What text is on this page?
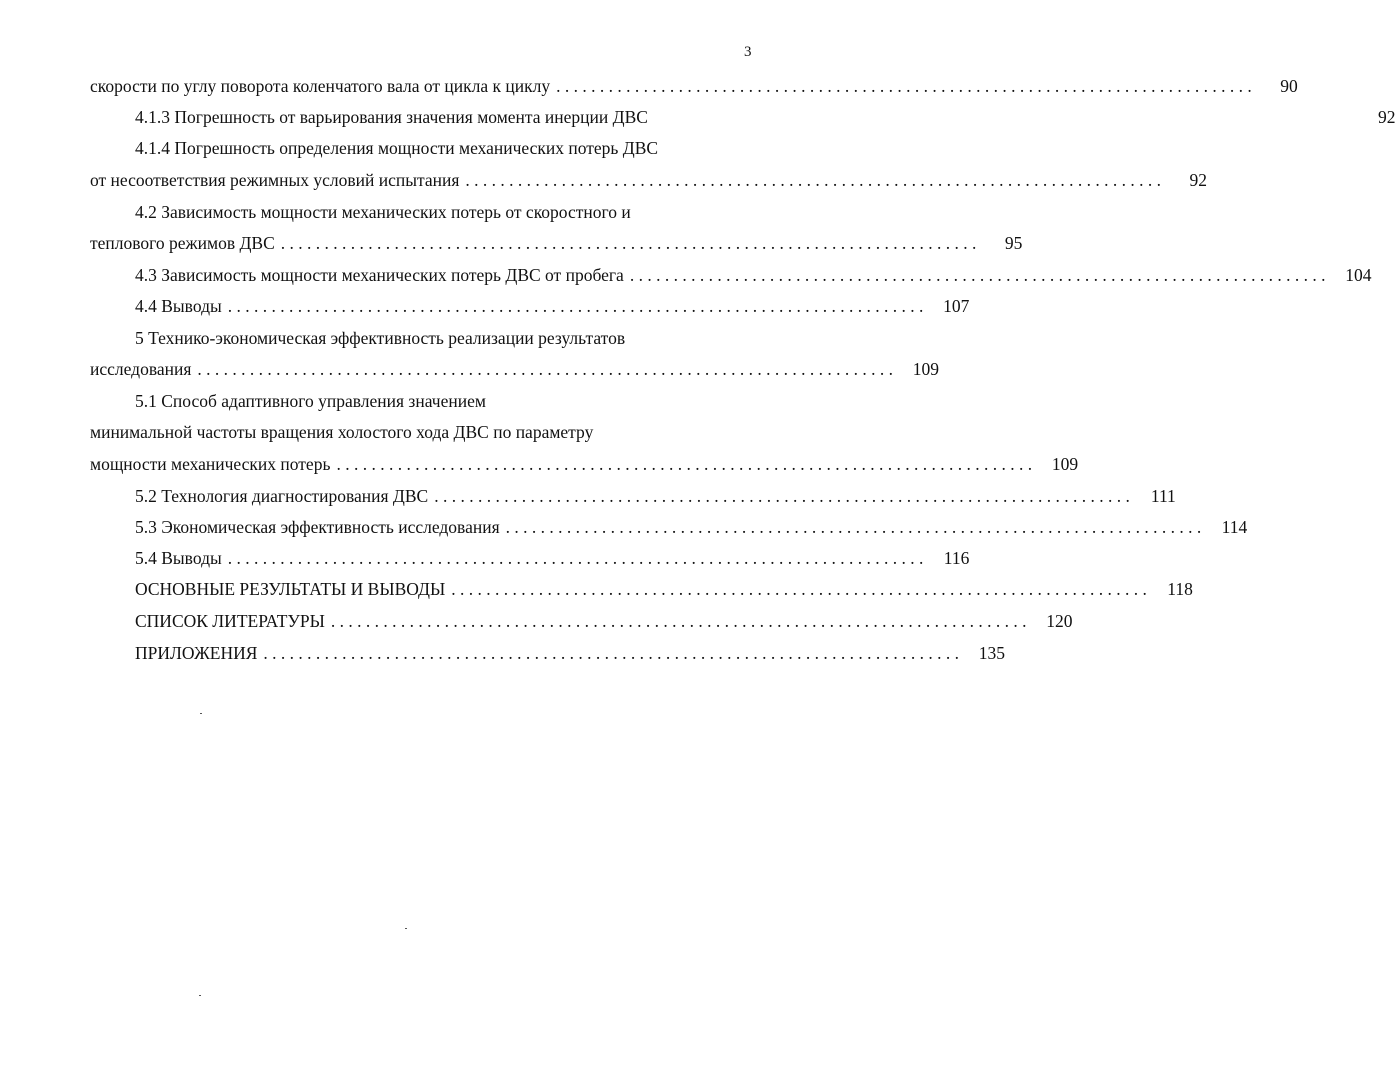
3
скорости по углу поворота коленчатого вала от цикла к циклу . . . . . . . . . . . . . . . . . . . . . . . . . . . . . . . . . . . . . . . . . . . . . . . . . . . . . . . . . . . . . . . . . . . . . . . . . . . . . . . .	90
4.1.3 Погрешность от варьирования значения момента инерции ДВС	92
4.1.4 Погрешность определения мощности механических потерь ДВС
от несоответствия режимных условий испытания . . . . . . . . . . . . . . . . . . . . . . . . . . . . . . . . . . . . . . . . . . . . . . . . . . . . . . . . . . . . . . . . . . . . . . . . . . . . . . . .	92
4.2 Зависимость мощности механических потерь от скоростного и
теплового режимов ДВС . . . . . . . . . . . . . . . . . . . . . . . . . . . . . . . . . . . . . . . . . . . . . . . . . . . . . . . . . . . . . . . . . . . . . . . . . . . . . . . .	95
4.3 Зависимость мощности механических потерь ДВС от пробега . . . . . . . . . . . . . . . . . . . . . . . . . . . . . . . . . . . . . . . . . . . . . . . . . . . . . . . . . . . . . . . . . . . . . . . . . . . . . . . .	104
4.4 Выводы . . . . . . . . . . . . . . . . . . . . . . . . . . . . . . . . . . . . . . . . . . . . . . . . . . . . . . . . . . . . . . . . . . . . . . . . . . . . . . . .	107
5 Технико-экономическая эффективность реализации результатов
исследования . . . . . . . . . . . . . . . . . . . . . . . . . . . . . . . . . . . . . . . . . . . . . . . . . . . . . . . . . . . . . . . . . . . . . . . . . . . . . . . .	109
5.1 Способ адаптивного управления значением
минимальной частоты вращения холостого хода ДВС по параметру
мощности механических потерь . . . . . . . . . . . . . . . . . . . . . . . . . . . . . . . . . . . . . . . . . . . . . . . . . . . . . . . . . . . . . . . . . . . . . . . . . . . . . . . .	109
5.2 Технология диагностирования ДВС . . . . . . . . . . . . . . . . . . . . . . . . . . . . . . . . . . . . . . . . . . . . . . . . . . . . . . . . . . . . . . . . . . . . . . . . . . . . . . . .	111
5.3 Экономическая эффективность исследования . . . . . . . . . . . . . . . . . . . . . . . . . . . . . . . . . . . . . . . . . . . . . . . . . . . . . . . . . . . . . . . . . . . . . . . . . . . . . . . .	114
5.4 Выводы . . . . . . . . . . . . . . . . . . . . . . . . . . . . . . . . . . . . . . . . . . . . . . . . . . . . . . . . . . . . . . . . . . . . . . . . . . . . . . . .	116
ОСНОВНЫЕ РЕЗУЛЬТАТЫ И ВЫВОДЫ . . . . . . . . . . . . . . . . . . . . . . . . . . . . . . . . . . . . . . . . . . . . . . . . . . . . . . . . . . . . . . . . . . . . . . . . . . . . . . . .	118
СПИСОК ЛИТЕРАТУРЫ . . . . . . . . . . . . . . . . . . . . . . . . . . . . . . . . . . . . . . . . . . . . . . . . . . . . . . . . . . . . . . . . . . . . . . . . . . . . . . . .	120
ПРИЛОЖЕНИЯ . . . . . . . . . . . . . . . . . . . . . . . . . . . . . . . . . . . . . . . . . . . . . . . . . . . . . . . . . . . . . . . . . . . . . . . . . . . . . . . .	135
